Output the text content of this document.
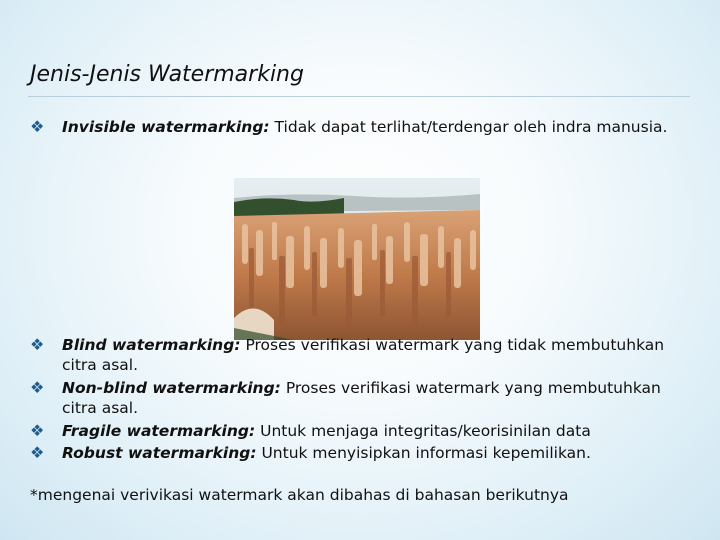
Jenis-Jenis Watermarking
❖	Invisible watermarking: Tidak dapat terlihat/terdengar oleh indra manusia.
❖	Blind watermarking: Proses verifikasi watermark yang tidak membutuhkan citra asal.
❖	Non-blind watermarking: Proses verifikasi watermark yang membutuhkan citra asal.
❖	Fragile watermarking: Untuk menjaga integritas/keorisinilan data
❖	Robust watermarking: Untuk menyisipkan informasi kepemilikan.
*mengenai verivikasi watermark akan dibahas di bahasan berikutnya
